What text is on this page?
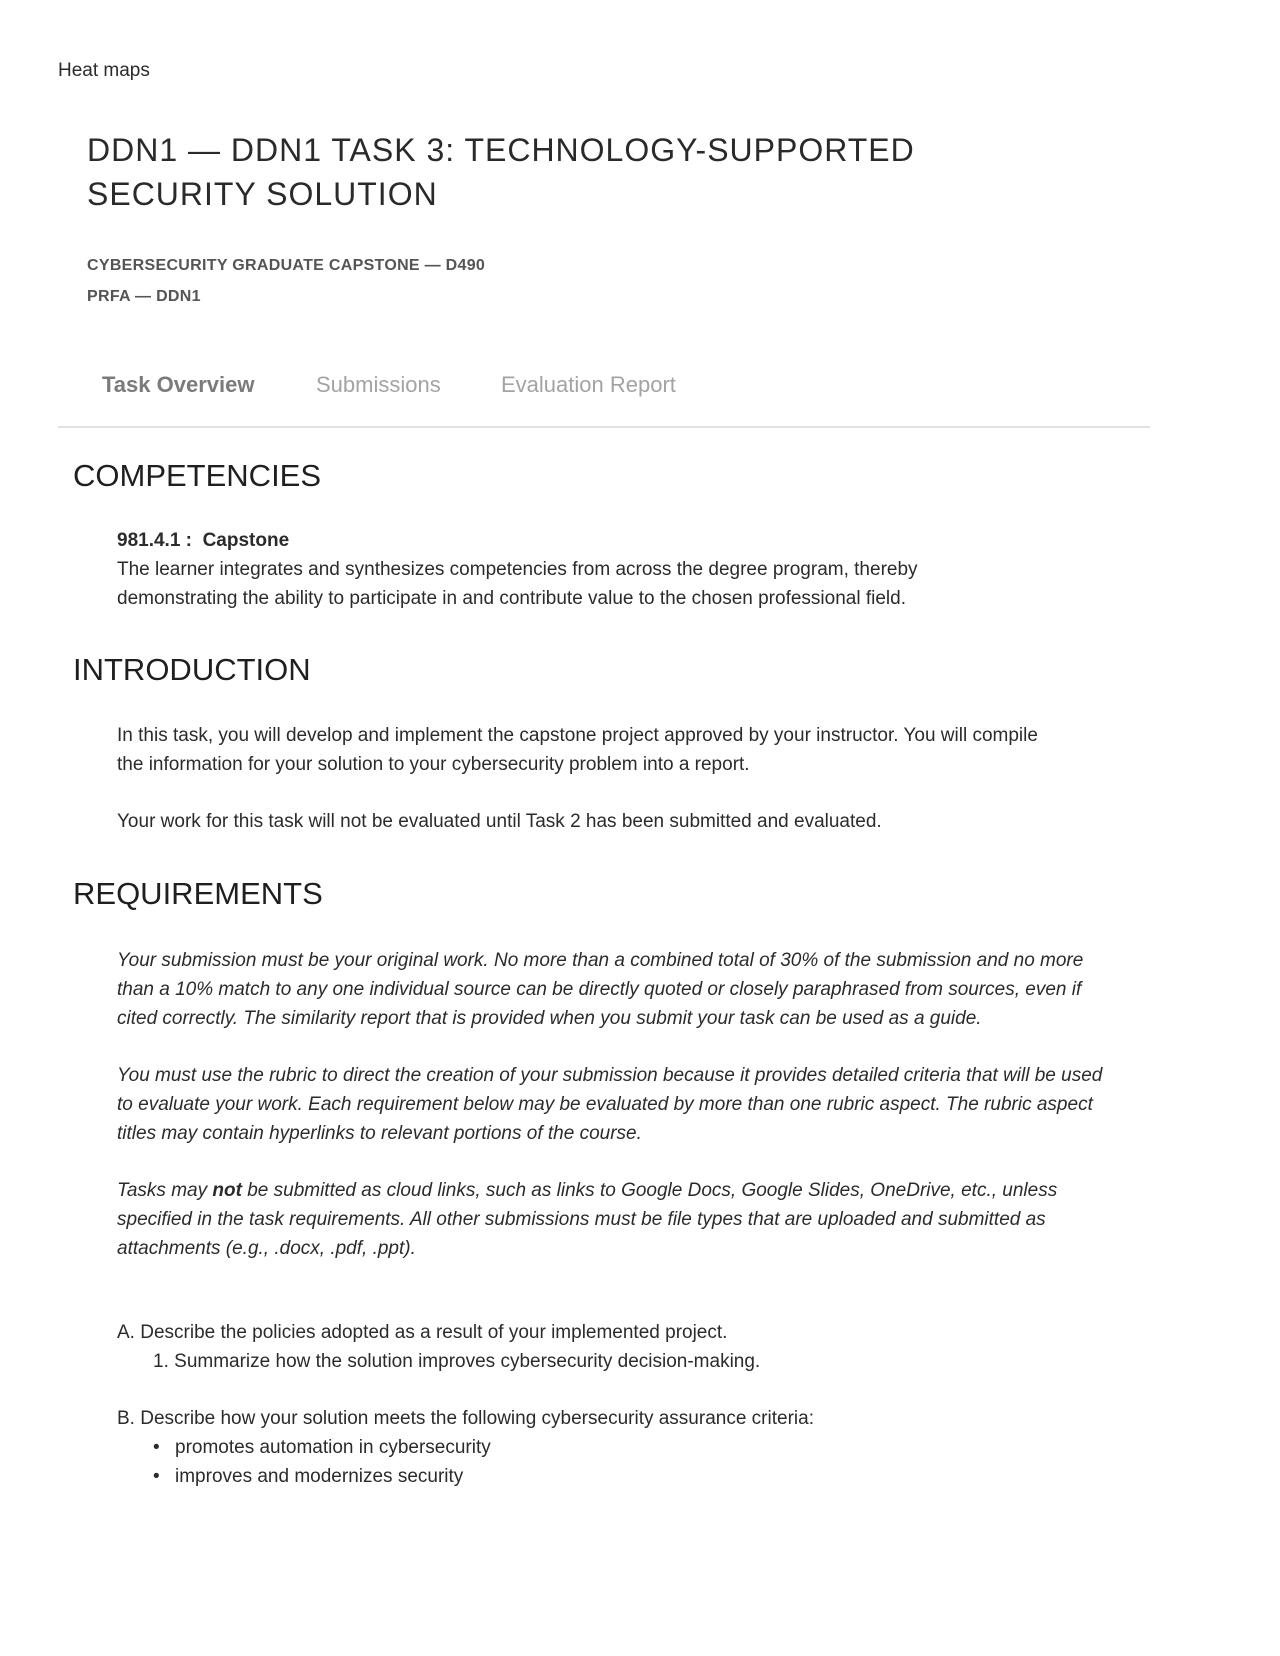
Heat maps
DDN1 — DDN1 TASK 3: TECHNOLOGY-SUPPORTED
SECURITY SOLUTION
CYBERSECURITY GRADUATE CAPSTONE — D490
PRFA — DDN1
Task Overview	Submissions	Evaluation Report
COMPETENCIES

981.4.1 : Capstone

The learner integrates and synthesizes competencies from across the degree program, thereby demonstrating the ability to participate in and contribute value to the chosen professional field.

INTRODUCTION

In this task, you will develop and implement the capstone project approved by your instructor. You will compile the information for your solution to your cybersecurity problem into a report.

Your work for this task will not be evaluated until Task 2 has been submitted and evaluated.

REQUIREMENTS

Your submission must be your original work. No more than a combined total of 30% of the submission and no more than a 10% match to any one individual source can be directly quoted or closely paraphrased from sources, even if cited correctly. The similarity report that is provided when you submit your task can be used as a guide.

You must use the rubric to direct the creation of your submission because it provides detailed criteria that will be used to evaluate your work. Each requirement below may be evaluated by more than one rubric aspect. The rubric aspect titles may contain hyperlinks to relevant portions of the course.

Tasks may not be submitted as cloud links, such as links to Google Docs, Google Slides, OneDrive, etc., unless specified in the task requirements. All other submissions must be file types that are uploaded and submitted as attachments (e.g., .docx, .pdf, .ppt).

A. Describe the policies adopted as a result of your implemented project.
1. Summarize how the solution improves cybersecurity decision-making.
B. Describe how your solution meets the following cybersecurity assurance criteria:
• promotes automation in cybersecurity
• improves and modernizes security
